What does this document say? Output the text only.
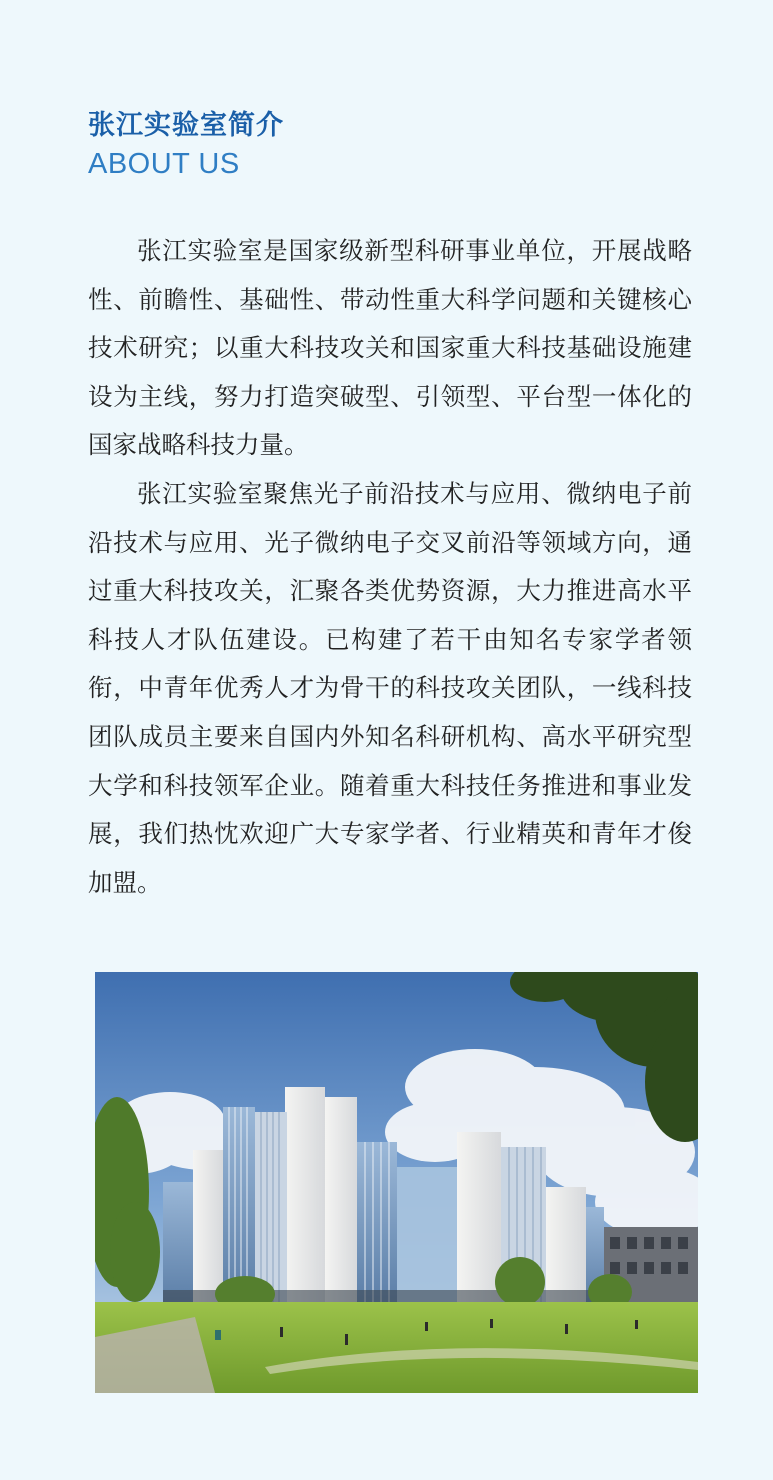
张江实验室简介
ABOUT US

张江实验室是国家级新型科研事业单位，开展战略性、前瞻性、基础性、带动性重大科学问题和关键核心技术研究；以重大科技攻关和国家重大科技基础设施建设为主线，努力打造突破型、引领型、平台型一体化的国家战略科技力量。

张江实验室聚焦光子前沿技术与应用、微纳电子前沿技术与应用、光子微纳电子交叉前沿等领域方向，通过重大科技攻关，汇聚各类优势资源，大力推进高水平科技人才队伍建设。已构建了若干由知名专家学者领衔，中青年优秀人才为骨干的科技攻关团队，一线科技团队成员主要来自国内外知名科研机构、高水平研究型大学和科技领军企业。随着重大科技任务推进和事业发展，我们热忱欢迎广大专家学者、行业精英和青年才俊加盟。
